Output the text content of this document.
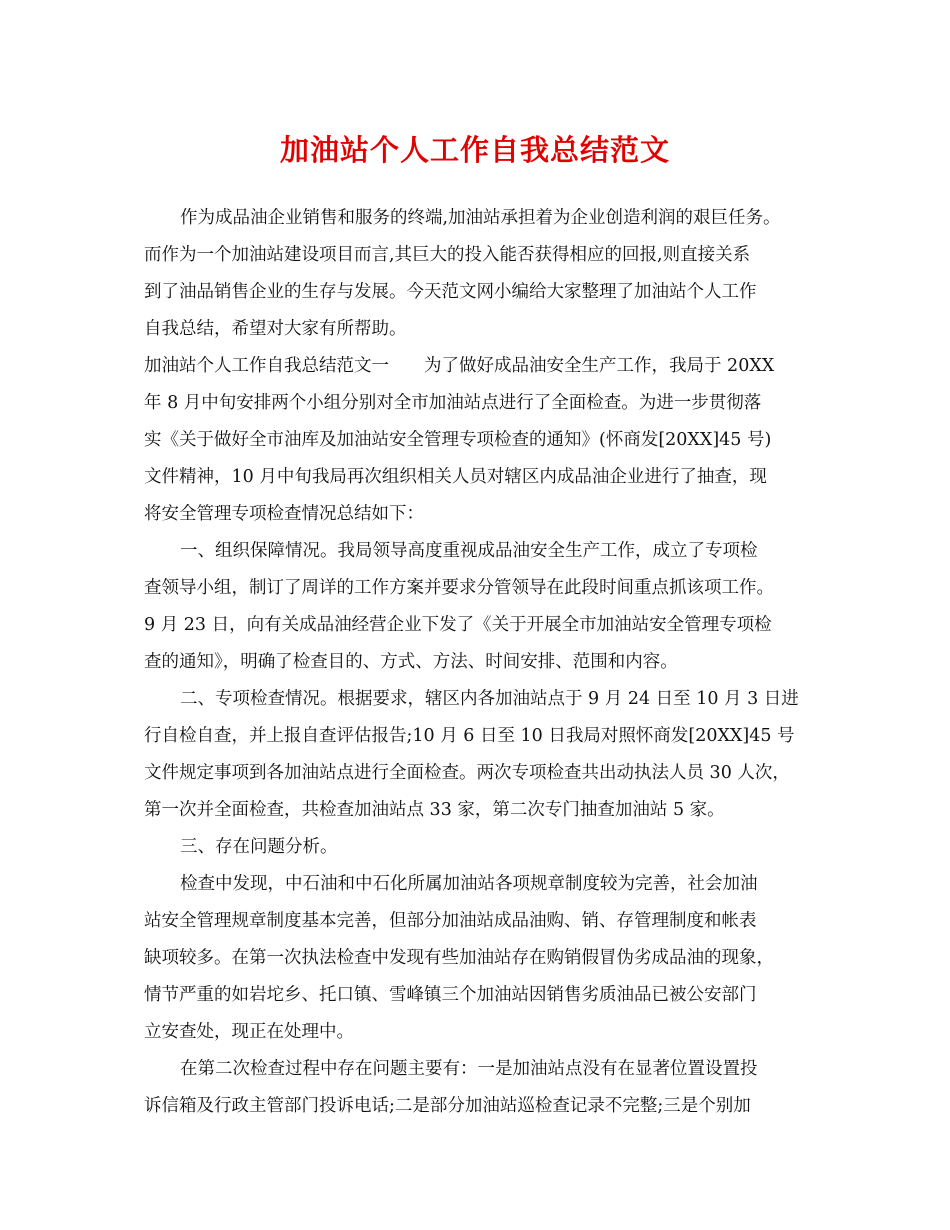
加油站个人工作自我总结范文
作为成品油企业销售和服务的终端,加油站承担着为企业创造利润的艰巨任务。
而作为一个加油站建设项目而言,其巨大的投入能否获得相应的回报,则直接关系
到了油品销售企业的生存与发展。今天范文网小编给大家整理了加油站个人工作
自我总结，希望对大家有所帮助。
加油站个人工作自我总结范文一　　为了做好成品油安全生产工作，我局于 20XX
年 8 月中旬安排两个小组分别对全市加油站点进行了全面检查。为进一步贯彻落
实《关于做好全市油库及加油站安全管理专项检查的通知》(怀商发[20XX]45 号)
文件精神，10 月中旬我局再次组织相关人员对辖区内成品油企业进行了抽查，现
将安全管理专项检查情况总结如下：
一、组织保障情况。我局领导高度重视成品油安全生产工作，成立了专项检
查领导小组，制订了周详的工作方案并要求分管领导在此段时间重点抓该项工作。
9 月 23 日，向有关成品油经营企业下发了《关于开展全市加油站安全管理专项检
查的通知》，明确了检查目的、方式、方法、时间安排、范围和内容。
二、专项检查情况。根据要求，辖区内各加油站点于 9 月 24 日至 10 月 3 日进
行自检自查，并上报自查评估报告;10 月 6 日至 10 日我局对照怀商发[20XX]45 号
文件规定事项到各加油站点进行全面检查。两次专项检查共出动执法人员 30 人次，
第一次并全面检查，共检查加油站点 33 家，第二次专门抽查加油站 5 家。
三、存在问题分析。
检查中发现，中石油和中石化所属加油站各项规章制度较为完善，社会加油
站安全管理规章制度基本完善，但部分加油站成品油购、销、存管理制度和帐表
缺项较多。在第一次执法检查中发现有些加油站存在购销假冒伪劣成品油的现象，
情节严重的如岩坨乡、托口镇、雪峰镇三个加油站因销售劣质油品已被公安部门
立安查处，现正在处理中。
在第二次检查过程中存在问题主要有：一是加油站点没有在显著位置设置投
诉信箱及行政主管部门投诉电话;二是部分加油站巡检查记录不完整;三是个别加
